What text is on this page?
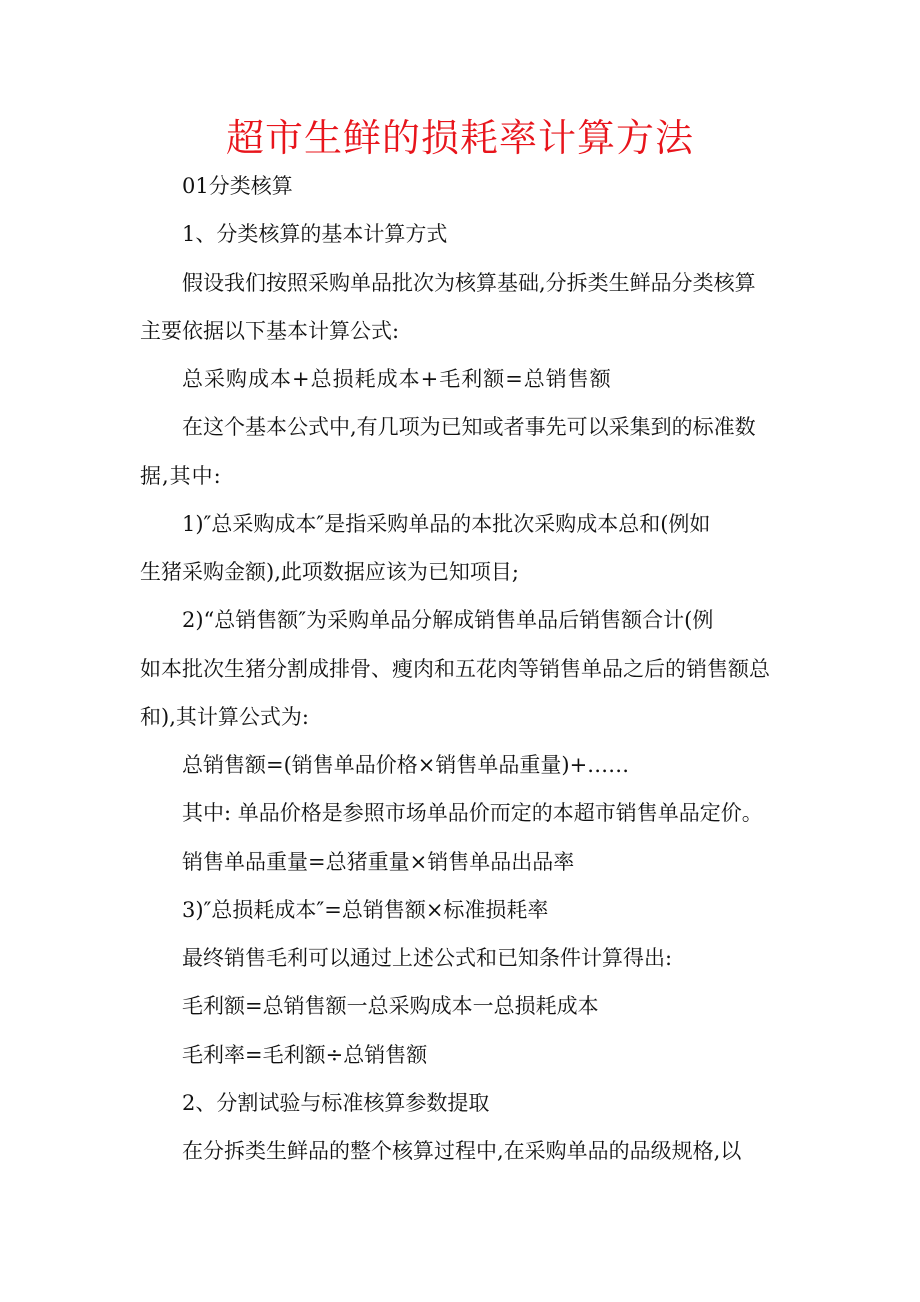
超市生鲜的损耗率计算方法
01分类核算
1、分类核算的基本计算方式
假设我们按照采购单品批次为核算基础,分拆类生鲜品分类核算
主要依据以下基本计算公式:
总采购成本+总损耗成本+毛利额=总销售额
在这个基本公式中,有几项为已知或者事先可以采集到的标准数
据,其中:
1)″总采购成本″是指采购单品的本批次采购成本总和(例如
生猪采购金额),此项数据应该为已知项目;
2)“总销售额″为采购单品分解成销售单品后销售额合计(例
如本批次生猪分割成排骨、瘦肉和五花肉等销售单品之后的销售额总
和),其计算公式为:
总销售额=(销售单品价格×销售单品重量)+……
其中: 单品价格是参照市场单品价而定的本超市销售单品定价。
销售单品重量=总猪重量×销售单品出品率
3)″总损耗成本″=总销售额×标准损耗率
最终销售毛利可以通过上述公式和已知条件计算得出:
毛利额=总销售额一总采购成本一总损耗成本
毛利率=毛利额÷总销售额
2、分割试验与标准核算参数提取
在分拆类生鲜品的整个核算过程中,在采购单品的品级规格,以
